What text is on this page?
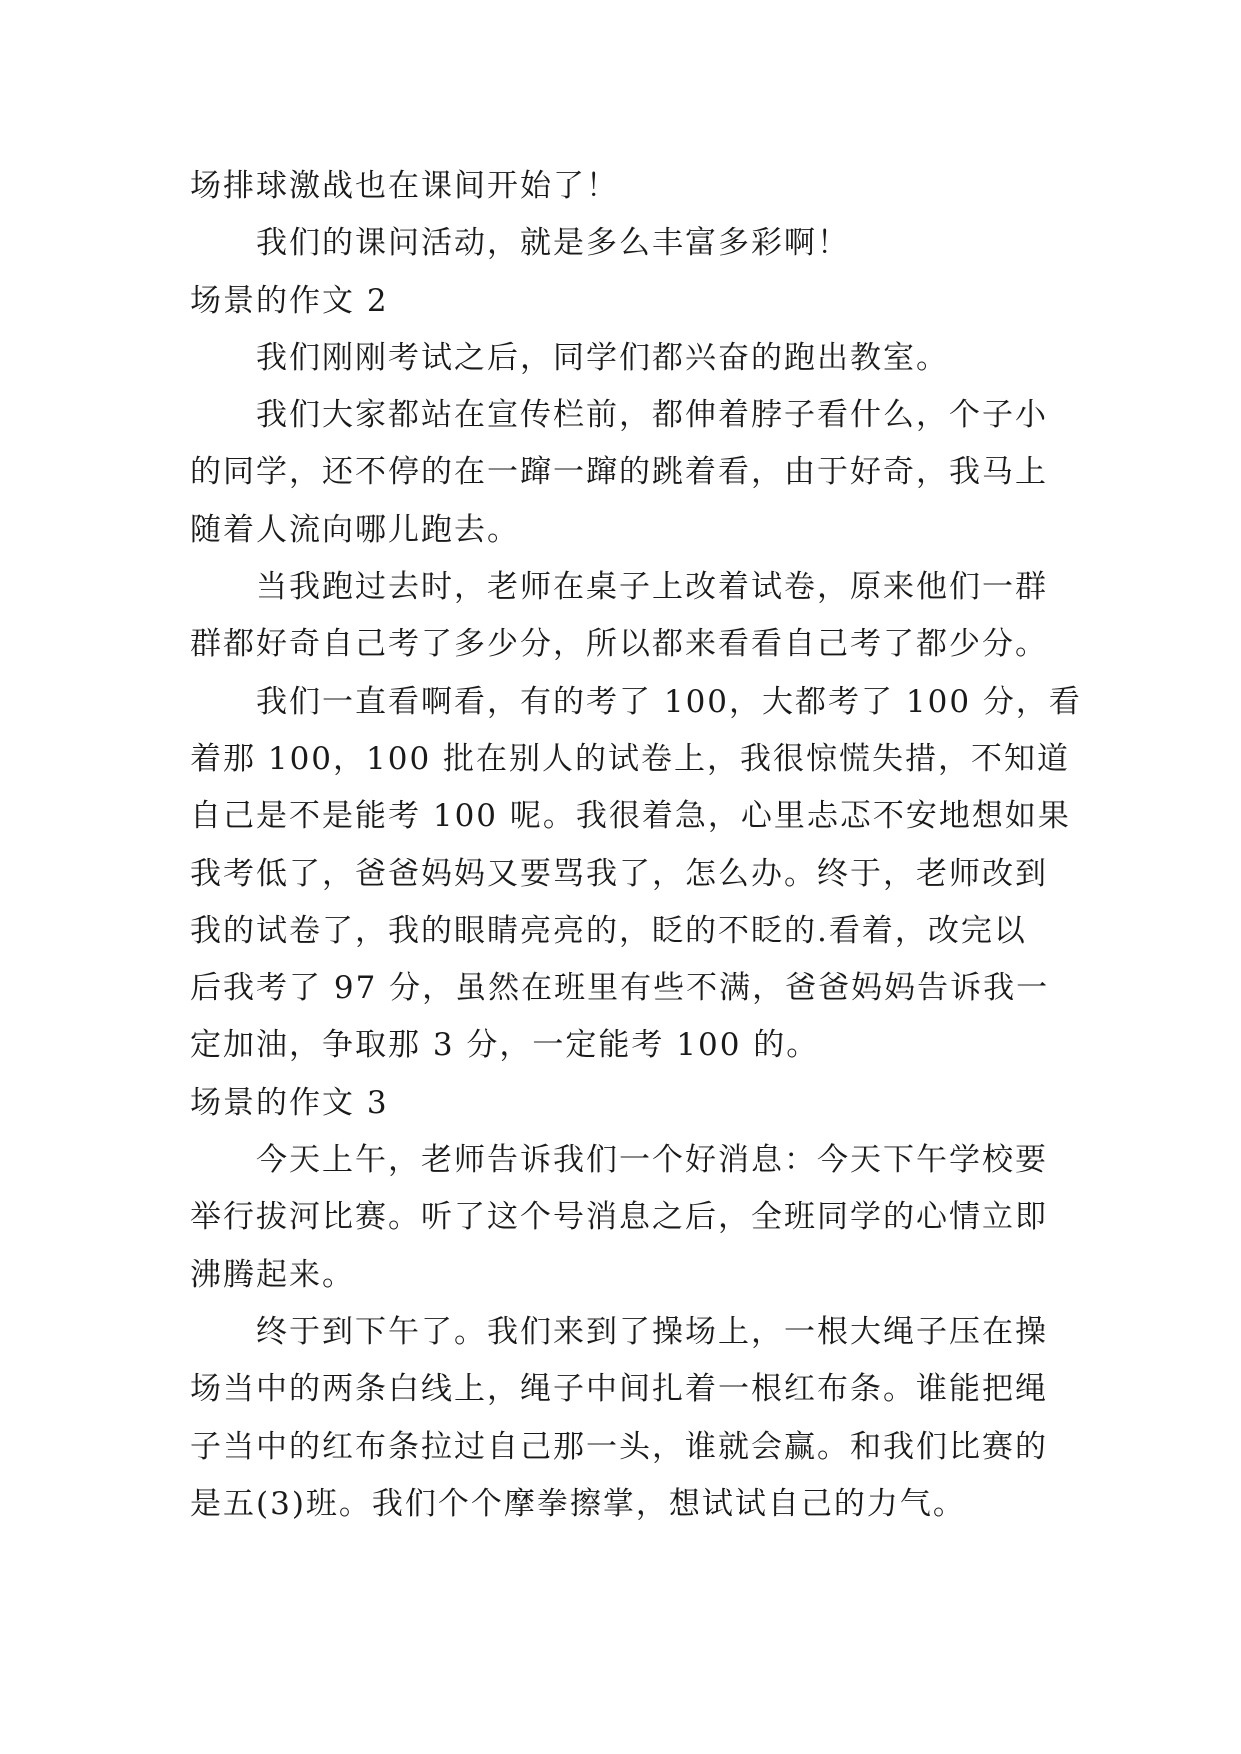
场排球激战也在课间开始了！
我们的课问活动，就是多么丰富多彩啊！
场景的作文 2
我们刚刚考试之后，同学们都兴奋的跑出教室。
我们大家都站在宣传栏前，都伸着脖子看什么，个子小
的同学，还不停的在一蹿一蹿的跳着看，由于好奇，我马上
随着人流向哪儿跑去。
当我跑过去时，老师在桌子上改着试卷，原来他们一群
群都好奇自己考了多少分，所以都来看看自己考了都少分。
我们一直看啊看，有的考了 100，大都考了 100 分，看
着那 100，100 批在别人的试卷上，我很惊慌失措，不知道
自己是不是能考 100 呢。我很着急，心里忐忑不安地想如果
我考低了，爸爸妈妈又要骂我了，怎么办。终于，老师改到
我的试卷了，我的眼睛亮亮的，眨的不眨的.看着，改完以
后我考了 97 分，虽然在班里有些不满，爸爸妈妈告诉我一
定加油，争取那 3 分，一定能考 100 的。
场景的作文 3
今天上午，老师告诉我们一个好消息：今天下午学校要
举行拔河比赛。听了这个号消息之后，全班同学的心情立即
沸腾起来。
终于到下午了。我们来到了操场上，一根大绳子压在操
场当中的两条白线上，绳子中间扎着一根红布条。谁能把绳
子当中的红布条拉过自己那一头，谁就会赢。和我们比赛的
是五(3)班。我们个个摩拳擦掌，想试试自己的力气。
